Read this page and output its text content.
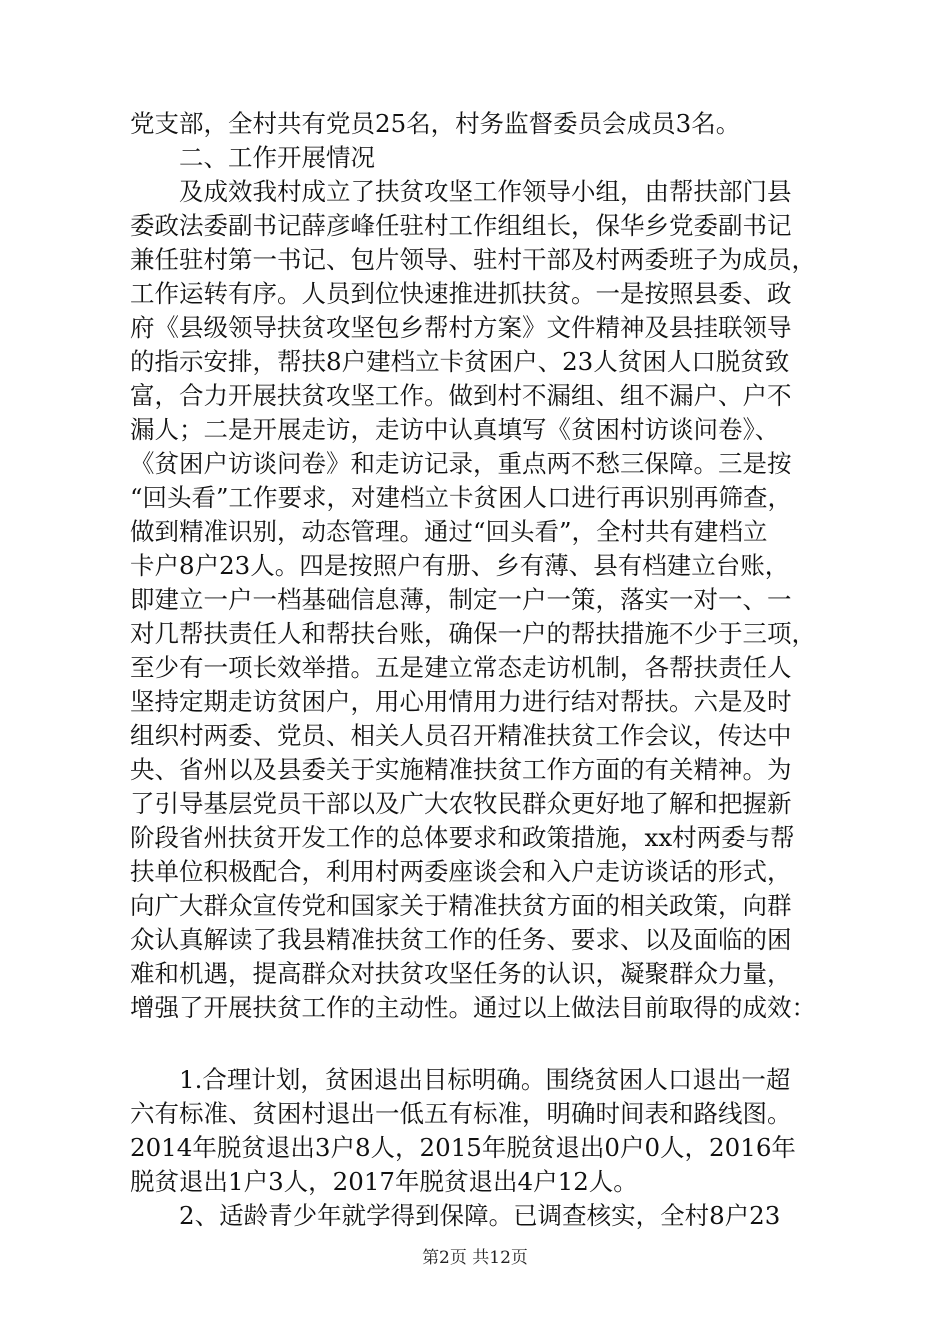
党支部，全村共有党员25名，村务监督委员会成员3名。
　　二、工作开展情况
　　及成效我村成立了扶贫攻坚工作领导小组，由帮扶部门县
委政法委副书记薛彦峰任驻村工作组组长，保华乡党委副书记
兼任驻村第一书记、包片领导、驻村干部及村两委班子为成员，
工作运转有序。人员到位快速推进抓扶贫。一是按照县委、政
府《县级领导扶贫攻坚包乡帮村方案》文件精神及县挂联领导
的指示安排，帮扶8户建档立卡贫困户、23人贫困人口脱贫致
富，合力开展扶贫攻坚工作。做到村不漏组、组不漏户、户不
漏人；二是开展走访，走访中认真填写《贫困村访谈问卷》、
《贫困户访谈问卷》和走访记录，重点两不愁三保障。三是按
“回头看”工作要求，对建档立卡贫困人口进行再识别再筛查，
做到精准识别，动态管理。通过“回头看”，全村共有建档立
卡户8户23人。四是按照户有册、乡有薄、县有档建立台账，
即建立一户一档基础信息薄，制定一户一策，落实一对一、一
对几帮扶责任人和帮扶台账，确保一户的帮扶措施不少于三项，
至少有一项长效举措。五是建立常态走访机制，各帮扶责任人
坚持定期走访贫困户，用心用情用力进行结对帮扶。六是及时
组织村两委、党员、相关人员召开精准扶贫工作会议，传达中
央、省州以及县委关于实施精准扶贫工作方面的有关精神。为
了引导基层党员干部以及广大农牧民群众更好地了解和把握新
阶段省州扶贫开发工作的总体要求和政策措施，xx村两委与帮
扶单位积极配合，利用村两委座谈会和入户走访谈话的形式，
向广大群众宣传党和国家关于精准扶贫方面的相关政策，向群
众认真解读了我县精准扶贫工作的任务、要求、以及面临的困
难和机遇，提高群众对扶贫攻坚任务的认识，凝聚群众力量，
增强了开展扶贫工作的主动性。通过以上做法目前取得的成效：
　　1.合理计划，贫困退出目标明确。围绕贫困人口退出一超
六有标准、贫困村退出一低五有标准，明确时间表和路线图。
2014年脱贫退出3户8人，2015年脱贫退出0户0人，2016年
脱贫退出1户3人，2017年脱贫退出4户12人。
　　2、适龄青少年就学得到保障。已调查核实，全村8户23
第2页 共12页
